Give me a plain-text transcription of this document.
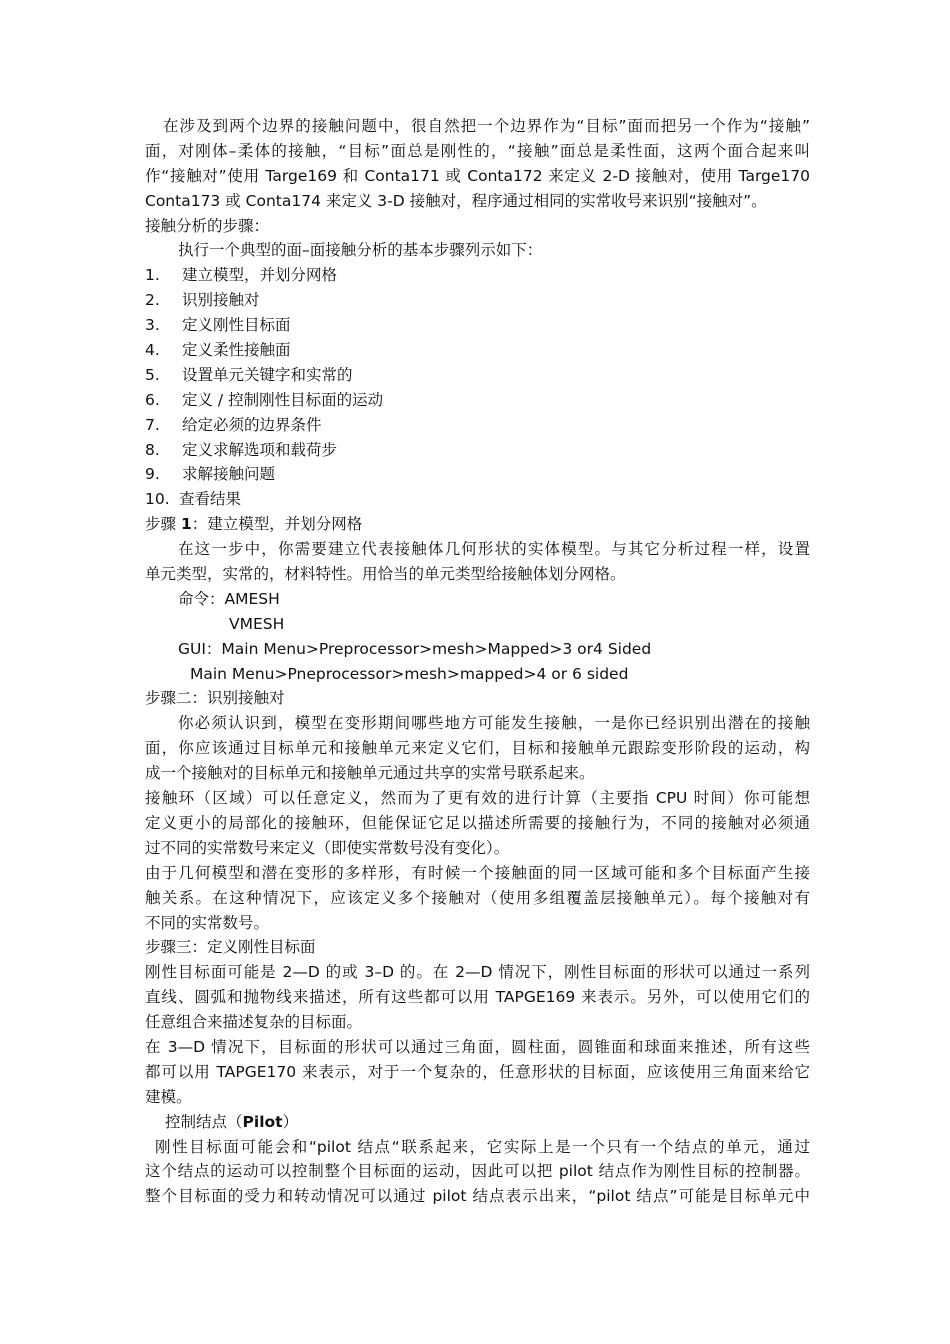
在涉及到两个边界的接触问题中，很自然把一个边界作为“目标”面而把另一个作为“接触”
面，对刚体–柔体的接触，“目标”面总是刚性的，“接触”面总是柔性面，这两个面合起来叫
作“接触对”使用 Targe169 和 Conta171 或 Conta172 来定义 2-D 接触对，使用 Targe170
Conta173 或 Conta174 来定义 3-D 接触对，程序通过相同的实常收号来识别“接触对”。
接触分析的步骤：
执行一个典型的面–面接触分析的基本步骤列示如下：
1. 建立模型，并划分网格
2. 识别接触对
3. 定义刚性目标面
4. 定义柔性接触面
5. 设置单元关键字和实常的
6. 定义 / 控制刚性目标面的运动
7. 给定必须的边界条件
8. 定义求解选项和载荷步
9. 求解接触问题
10. 查看结果
步骤 1：建立模型，并划分网格
在这一步中，你需要建立代表接触体几何形状的实体模型。与其它分析过程一样，设置
单元类型，实常的，材料特性。用恰当的单元类型给接触体划分网格。
命令：AMESH
VMESH
GUI：Main Menu>Preprocessor>mesh>Mapped>3 or4 Sided
Main Menu>Pneprocessor>mesh>mapped>4 or 6 sided
步骤二：识别接触对
你必须认识到，模型在变形期间哪些地方可能发生接触，一是你已经识别出潜在的接触
面，你应该通过目标单元和接触单元来定义它们，目标和接触单元跟踪变形阶段的运动，构
成一个接触对的目标单元和接触单元通过共享的实常号联系起来。
接触环（区域）可以任意定义，然而为了更有效的进行计算（主要指 CPU 时间）你可能想
定义更小的局部化的接触环，但能保证它足以描述所需要的接触行为，不同的接触对必须通
过不同的实常数号来定义（即使实常数号没有变化）。
由于几何模型和潜在变形的多样形，有时候一个接触面的同一区域可能和多个目标面产生接
触关系。在这种情况下，应该定义多个接触对（使用多组覆盖层接触单元）。每个接触对有
不同的实常数号。
步骤三：定义刚性目标面
刚性目标面可能是 2—D 的或 3–D 的。在 2—D 情况下，刚性目标面的形状可以通过一系列
直线、圆弧和抛物线来描述，所有这些都可以用 TAPGE169 来表示。另外，可以使用它们的
任意组合来描述复杂的目标面。
在 3—D 情况下，目标面的形状可以通过三角面，圆柱面，圆锥面和球面来推述，所有这些
都可以用 TAPGE170 来表示，对于一个复杂的，任意形状的目标面，应该使用三角面来给它
建模。
控制结点（Pilot）
刚性目标面可能会和“pilot 结点“联系起来，它实际上是一个只有一个结点的单元，通过
这个结点的运动可以控制整个目标面的运动，因此可以把 pilot 结点作为刚性目标的控制器。
整个目标面的受力和转动情况可以通过 pilot 结点表示出来，“pilot 结点”可能是目标单元中
